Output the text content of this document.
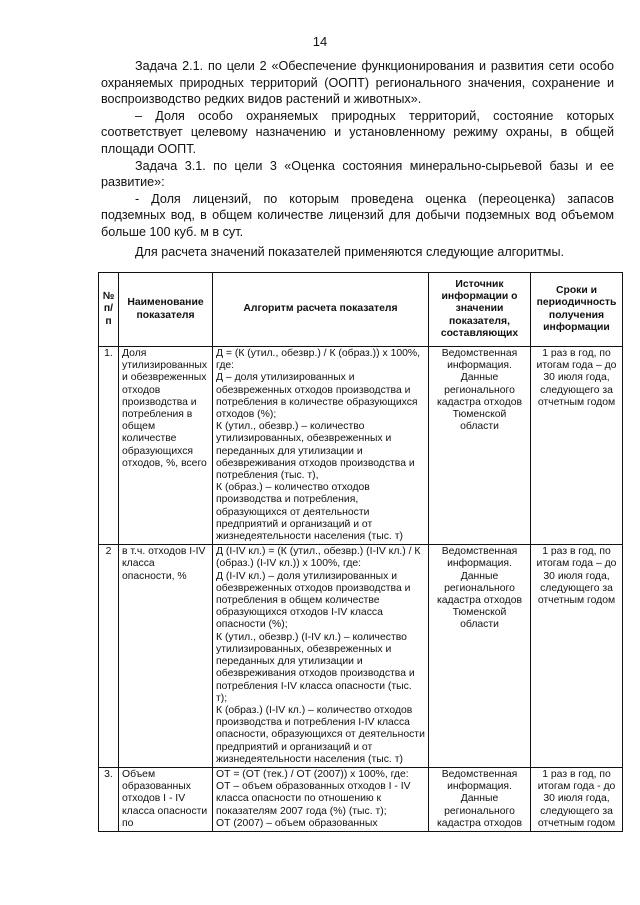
14

Задача 2.1. по цели 2 «Обеспечение функционирования и развития сети особо охраняемых природных территорий (ООПТ) регионального значения, сохранение и воспроизводство редких видов растений и животных».

– Доля особо охраняемых природных территорий, состояние которых соответствует целевому назначению и установленному режиму охраны, в общей площади ООПТ.

Задача 3.1. по цели 3 «Оценка состояния минерально-сырьевой базы и ее развитие»:

- Доля лицензий, по которым проведена оценка (переоценка) запасов подземных вод, в общем количестве лицензий для добычи подземных вод объемом больше 100 куб. м в сут.

Для расчета значений показателей применяются следующие алгоритмы.

№ п/п	Наименование показателя	Алгоритм расчета показателя	Источник информации о значении показателя, составляющих	Сроки и периодичность получения информации
1.	Доля утилизированных и обезвреженных отходов производства и потребления в общем количестве образующихся отходов, %, всего	Д = (К (утил., обезвр.) / К (образ.)) х 100%, где:
Д – доля утилизированных и обезвреженных отходов производства и потребления в количестве образующихся отходов (%);
К (утил., обезвр.) – количество утилизированных, обезвреженных и переданных для утилизации и обезвреживания отходов производства и потребления (тыс. т),
К (образ.) – количество отходов производства и потребления, образующихся от деятельности предприятий и организаций и от жизнедеятельности населения (тыс. т)	Ведомственная информация. Данные регионального кадастра отходов Тюменской области	1 раз в год, по итогам года – до 30 июля года, следующего за отчетным годом
2	в т.ч. отходов I-IV класса опасности, %	Д (I-IV кл.) = (К (утил., обезвр.) (I-IV кл.) / К (образ.) (I-IV кл.)) х 100%, где:
Д (I-IV кл.) – доля утилизированных и обезвреженных отходов производства и потребления в общем количестве образующихся отходов I-IV класса опасности (%);
К (утил., обезвр.) (I-IV кл.) – количество утилизированных, обезвреженных и переданных для утилизации и обезвреживания отходов производства и потребления I-IV класса опасности (тыс. т);
К (образ.) (I-IV кл.) – количество отходов производства и потребления I-IV класса опасности, образующихся от деятельности предприятий и организаций и от жизнедеятельности населения (тыс. т)	Ведомственная информация. Данные регионального кадастра отходов Тюменской области	1 раз в год, по итогам года – до 30 июля года, следующего за отчетным годом
3.	Объем образованных отходов I - IV класса опасности по	ОТ = (ОТ (тек.) / ОТ (2007)) х 100%, где:
ОТ – объем образованных отходов I - IV класса опасности по отношению к показателям 2007 года (%) (тыс. т);
ОТ (2007) – объем образованных	Ведомственная информация. Данные регионального кадастра отходов	1 раз в год, по итогам года - до 30 июля года, следующего за отчетным годом
